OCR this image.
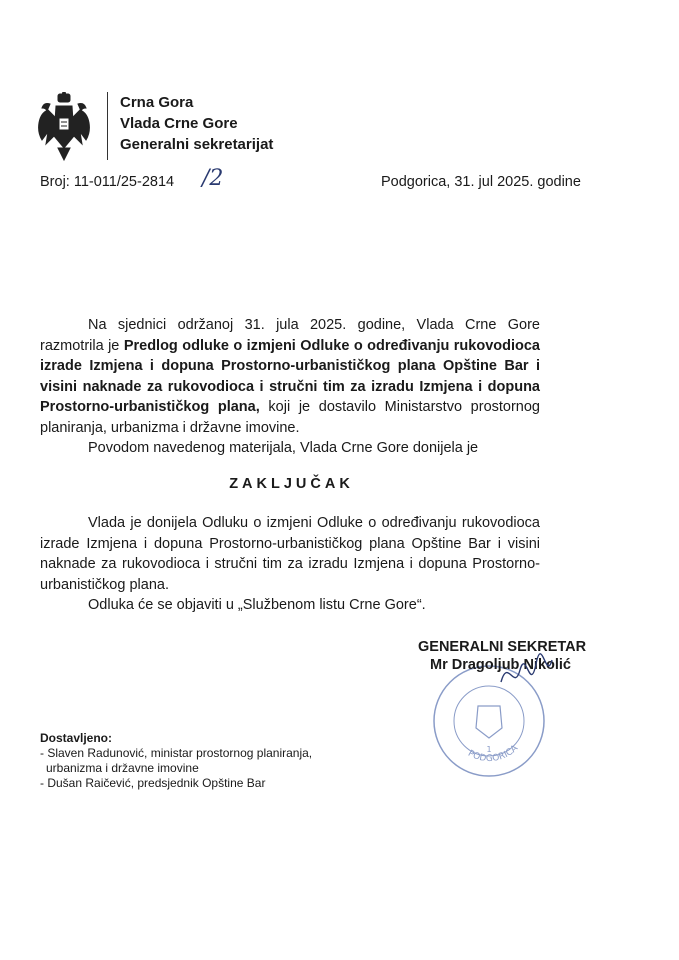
Crna Gora
Vlada Crne Gore
Generalni sekretarijat
Broj: 11-011/25-2814 /2	Podgorica, 31. jul 2025. godine

Na sjednici održanoj 31. jula 2025. godine, Vlada Crne Gore razmotrila je Predlog odluke o izmjeni Odluke o određivanju rukovodioca izrade Izmjena i dopuna Prostorno-urbanističkog plana Opštine Bar i visini naknade za rukovodioca i stručni tim za izradu Izmjena i dopuna Prostorno-urbanističkog plana, koji je dostavilo Ministarstvo prostornog planiranja, urbanizma i državne imovine.

Povodom navedenog materijala, Vlada Crne Gore donijela je

ZAKLJUČAK

Vlada je donijela Odluku o izmjeni Odluke o određivanju rukovodioca izrade Izmjena i dopuna Prostorno-urbanističkog plana Opštine Bar i visini naknade za rukovodioca i stručni tim za izradu Izmjena i dopuna Prostorno-urbanističkog plana.

Odluka će se objaviti u „Službenom listu Crne Gore“.

PODGORICA
1
GENERALNI SEKRETAR
Mr Dragoljub Nikolić
Dostavljeno:
- Slaven Radunović, ministar prostornog planiranja,
urbanizma i državne imovine
- Dušan Raičević, predsjednik Opštine Bar
